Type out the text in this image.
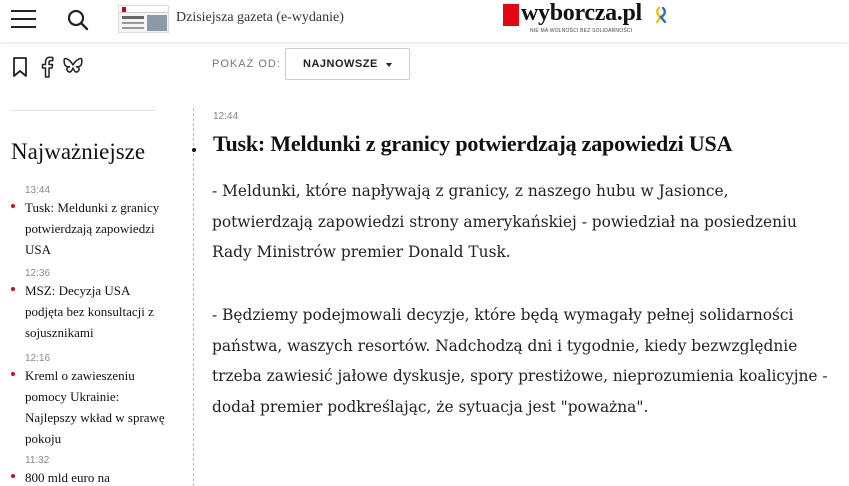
Dzisiejsza gazeta (e-wydanie)	wyborcza.pl
NIE MA WOLNOŚCI BEZ SOLIDARNOŚCI
POKAŻ OD: NAJNOWSZE
Najważniejsze
13:44
Tusk: Meldunki z granicy potwierdzają zapowiedzi USA
12:36
MSZ: Decyzja USA podjęta bez konsultacji z sojusznikami
12:16
Kreml o zawieszeniu pomocy Ukrainie: Najlepszy wkład w sprawę pokoju
11:32
800 mld euro na
12:44
Tusk: Meldunki z granicy potwierdzają zapowiedzi USA

- Meldunki, które napływają z granicy, z naszego hubu w Jasionce, potwierdzają zapowiedzi strony amerykańskiej - powiedział na posiedzeniu Rady Ministrów premier Donald Tusk.

- Będziemy podejmowali decyzje, które będą wymagały pełnej solidarności państwa, waszych resortów. Nadchodzą dni i tygodnie, kiedy bezwzględnie trzeba zawiesić jałowe dyskusje, spory prestiżowe, nieprozumienia koalicyjne - dodał premier podkreślając, że sytuacja jest "poważna".
